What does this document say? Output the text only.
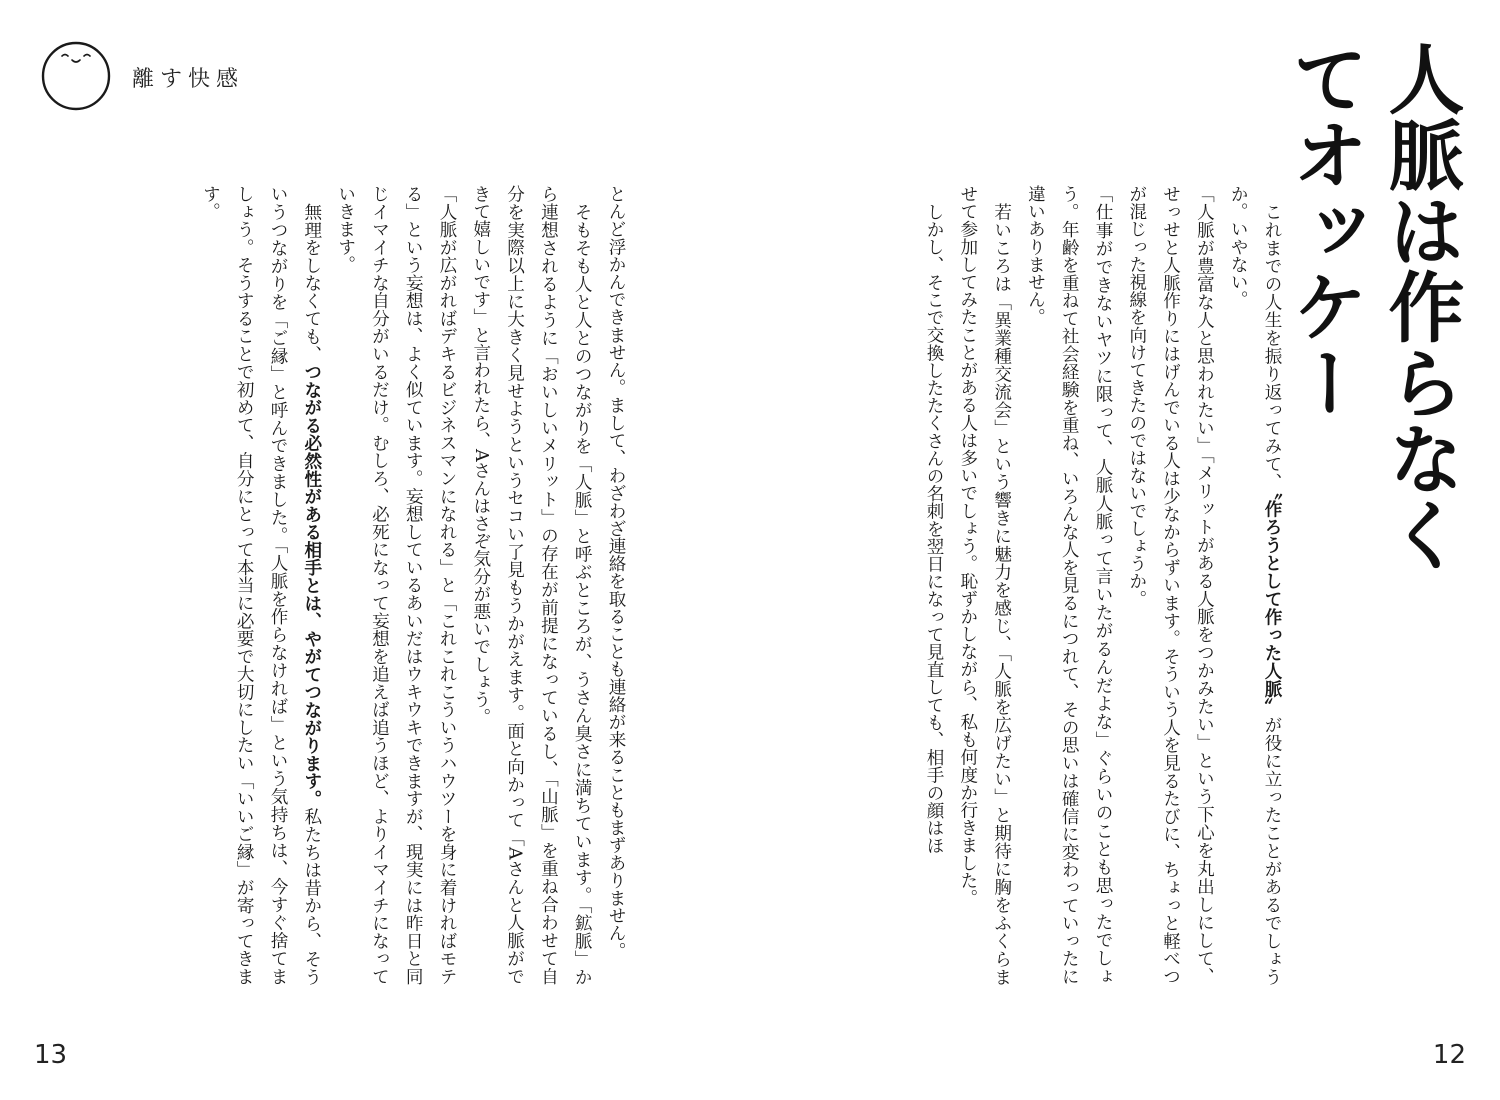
離す快感	人脈は作らなくてオッケー

これまでの人生を振り返ってみて、〝作ろうとして作った人脈〟が役に立ったことがあるでしょうか。いやない。

「人脈が豊富な人と思われたい」「メリットがある人脈をつかみたい」という下心を丸出しにして、せっせと人脈作りにはげんでいる人は少なからずいます。そういう人を見るたびに、ちょっと軽べつが混じった視線を向けてきたのではないでしょうか。

「仕事ができないヤツに限って、人脈人脈って言いたがるんだよな」ぐらいのことも思ったでしょう。年齢を重ねて社会経験を重ね、いろんな人を見るにつれて、その思いは確信に変わっていったに違いありません。

若いころは「異業種交流会」という響きに魅力を感じ、「人脈を広げたい」と期待に胸をふくらませて参加してみたことがある人は多いでしょう。恥ずかしながら、私も何度か行きました。

しかし、そこで交換したたくさんの名刺を翌日になって見直しても、相手の顔はほ

とんど浮かんできません。まして、わざわざ連絡を取ることも連絡が来ることもまずありません。

そもそも人と人とのつながりを「人脈」と呼ぶところが、うさん臭さに満ちています。「鉱脈」から連想されるように「おいしいメリット」の存在が前提になっているし、「山脈」を重ね合わせて自分を実際以上に大きく見せようというセコい了見もうかがえます。面と向かって「Aさんと人脈ができて嬉しいです」と言われたら、Aさんはさぞ気分が悪いでしょう。

「人脈が広がればデキるビジネスマンになれる」と「これこれこういうハウツーを身に着ければモテる」という妄想は、よく似ています。妄想しているあいだはウキウキできますが、現実には昨日と同じイマイチな自分がいるだけ。むしろ、必死になって妄想を追えば追うほど、よりイマイチになっていきます。

無理をしなくても、つながる必然性がある相手とは、やがてつながります。私たちは昔から、そういうつながりを「ご縁」と呼んできました。「人脈を作らなければ」という気持ちは、今すぐ捨てましょう。そうすることで初めて、自分にとって本当に必要で大切にしたい「いいご縁」が寄ってきます。

13	12
